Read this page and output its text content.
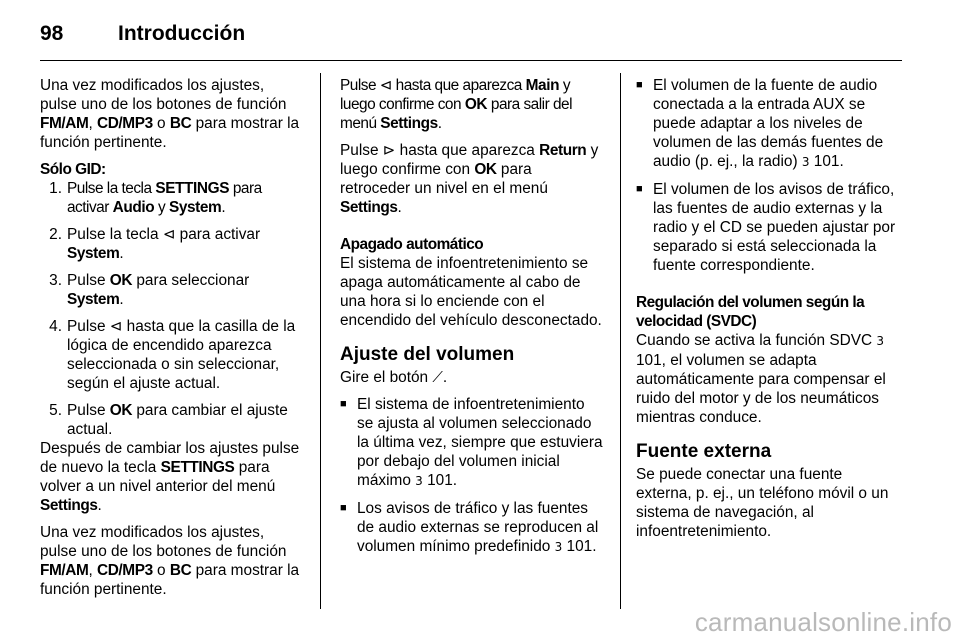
98	Introducción

Una vez modificados los ajustes, pulse uno de los botones de función FM/AM, CD/MP3 o BC para mostrar la función pertinente.

Sólo GID:
1. Pulse la tecla SETTINGS para activar Audio y System.
2. Pulse la tecla ⊲ para activar System.
3. Pulse OK para seleccionar System.
4. Pulse ⊲ hasta que la casilla de la lógica de encendido aparezca seleccionada o sin seleccionar, según el ajuste actual.
5. Pulse OK para cambiar el ajuste actual.

Después de cambiar los ajustes pulse de nuevo la tecla SETTINGS para volver a un nivel anterior del menú Settings.

Una vez modificados los ajustes, pulse uno de los botones de función FM/AM, CD/MP3 o BC para mostrar la función pertinente.

Pulse ⊲ hasta que aparezca Main y luego confirme con OK para salir del menú Settings.

Pulse ⊳ hasta que aparezca Return y luego confirme con OK para retroceder un nivel en el menú Settings.

Apagado automático

El sistema de infoentretenimiento se apaga automáticamente al cabo de una hora si lo enciende con el encendido del vehículo desconectado.

Ajuste del volumen

Gire el botón ⟋.

■ El sistema de infoentretenimiento se ajusta al volumen seleccionado la última vez, siempre que estuviera por debajo del volumen inicial máximo 3 101.
■ Los avisos de tráfico y las fuentes de audio externas se reproducen al volumen mínimo predefinido 3 101.
■ El volumen de la fuente de audio conectada a la entrada AUX se puede adaptar a los niveles de volumen de las demás fuentes de audio (p. ej., la radio) 3 101.
■ El volumen de los avisos de tráfico, las fuentes de audio externas y la radio y el CD se pueden ajustar por separado si está seleccionada la fuente correspondiente.
Regulación del volumen según la velocidad (SVDC)

Cuando se activa la función SDVC 3 101, el volumen se adapta automáticamente para compensar el ruido del motor y de los neumáticos mientras conduce.

Fuente externa

Se puede conectar una fuente externa, p. ej., un teléfono móvil o un sistema de navegación, al infoentretenimiento.

carmanualsonline.info
